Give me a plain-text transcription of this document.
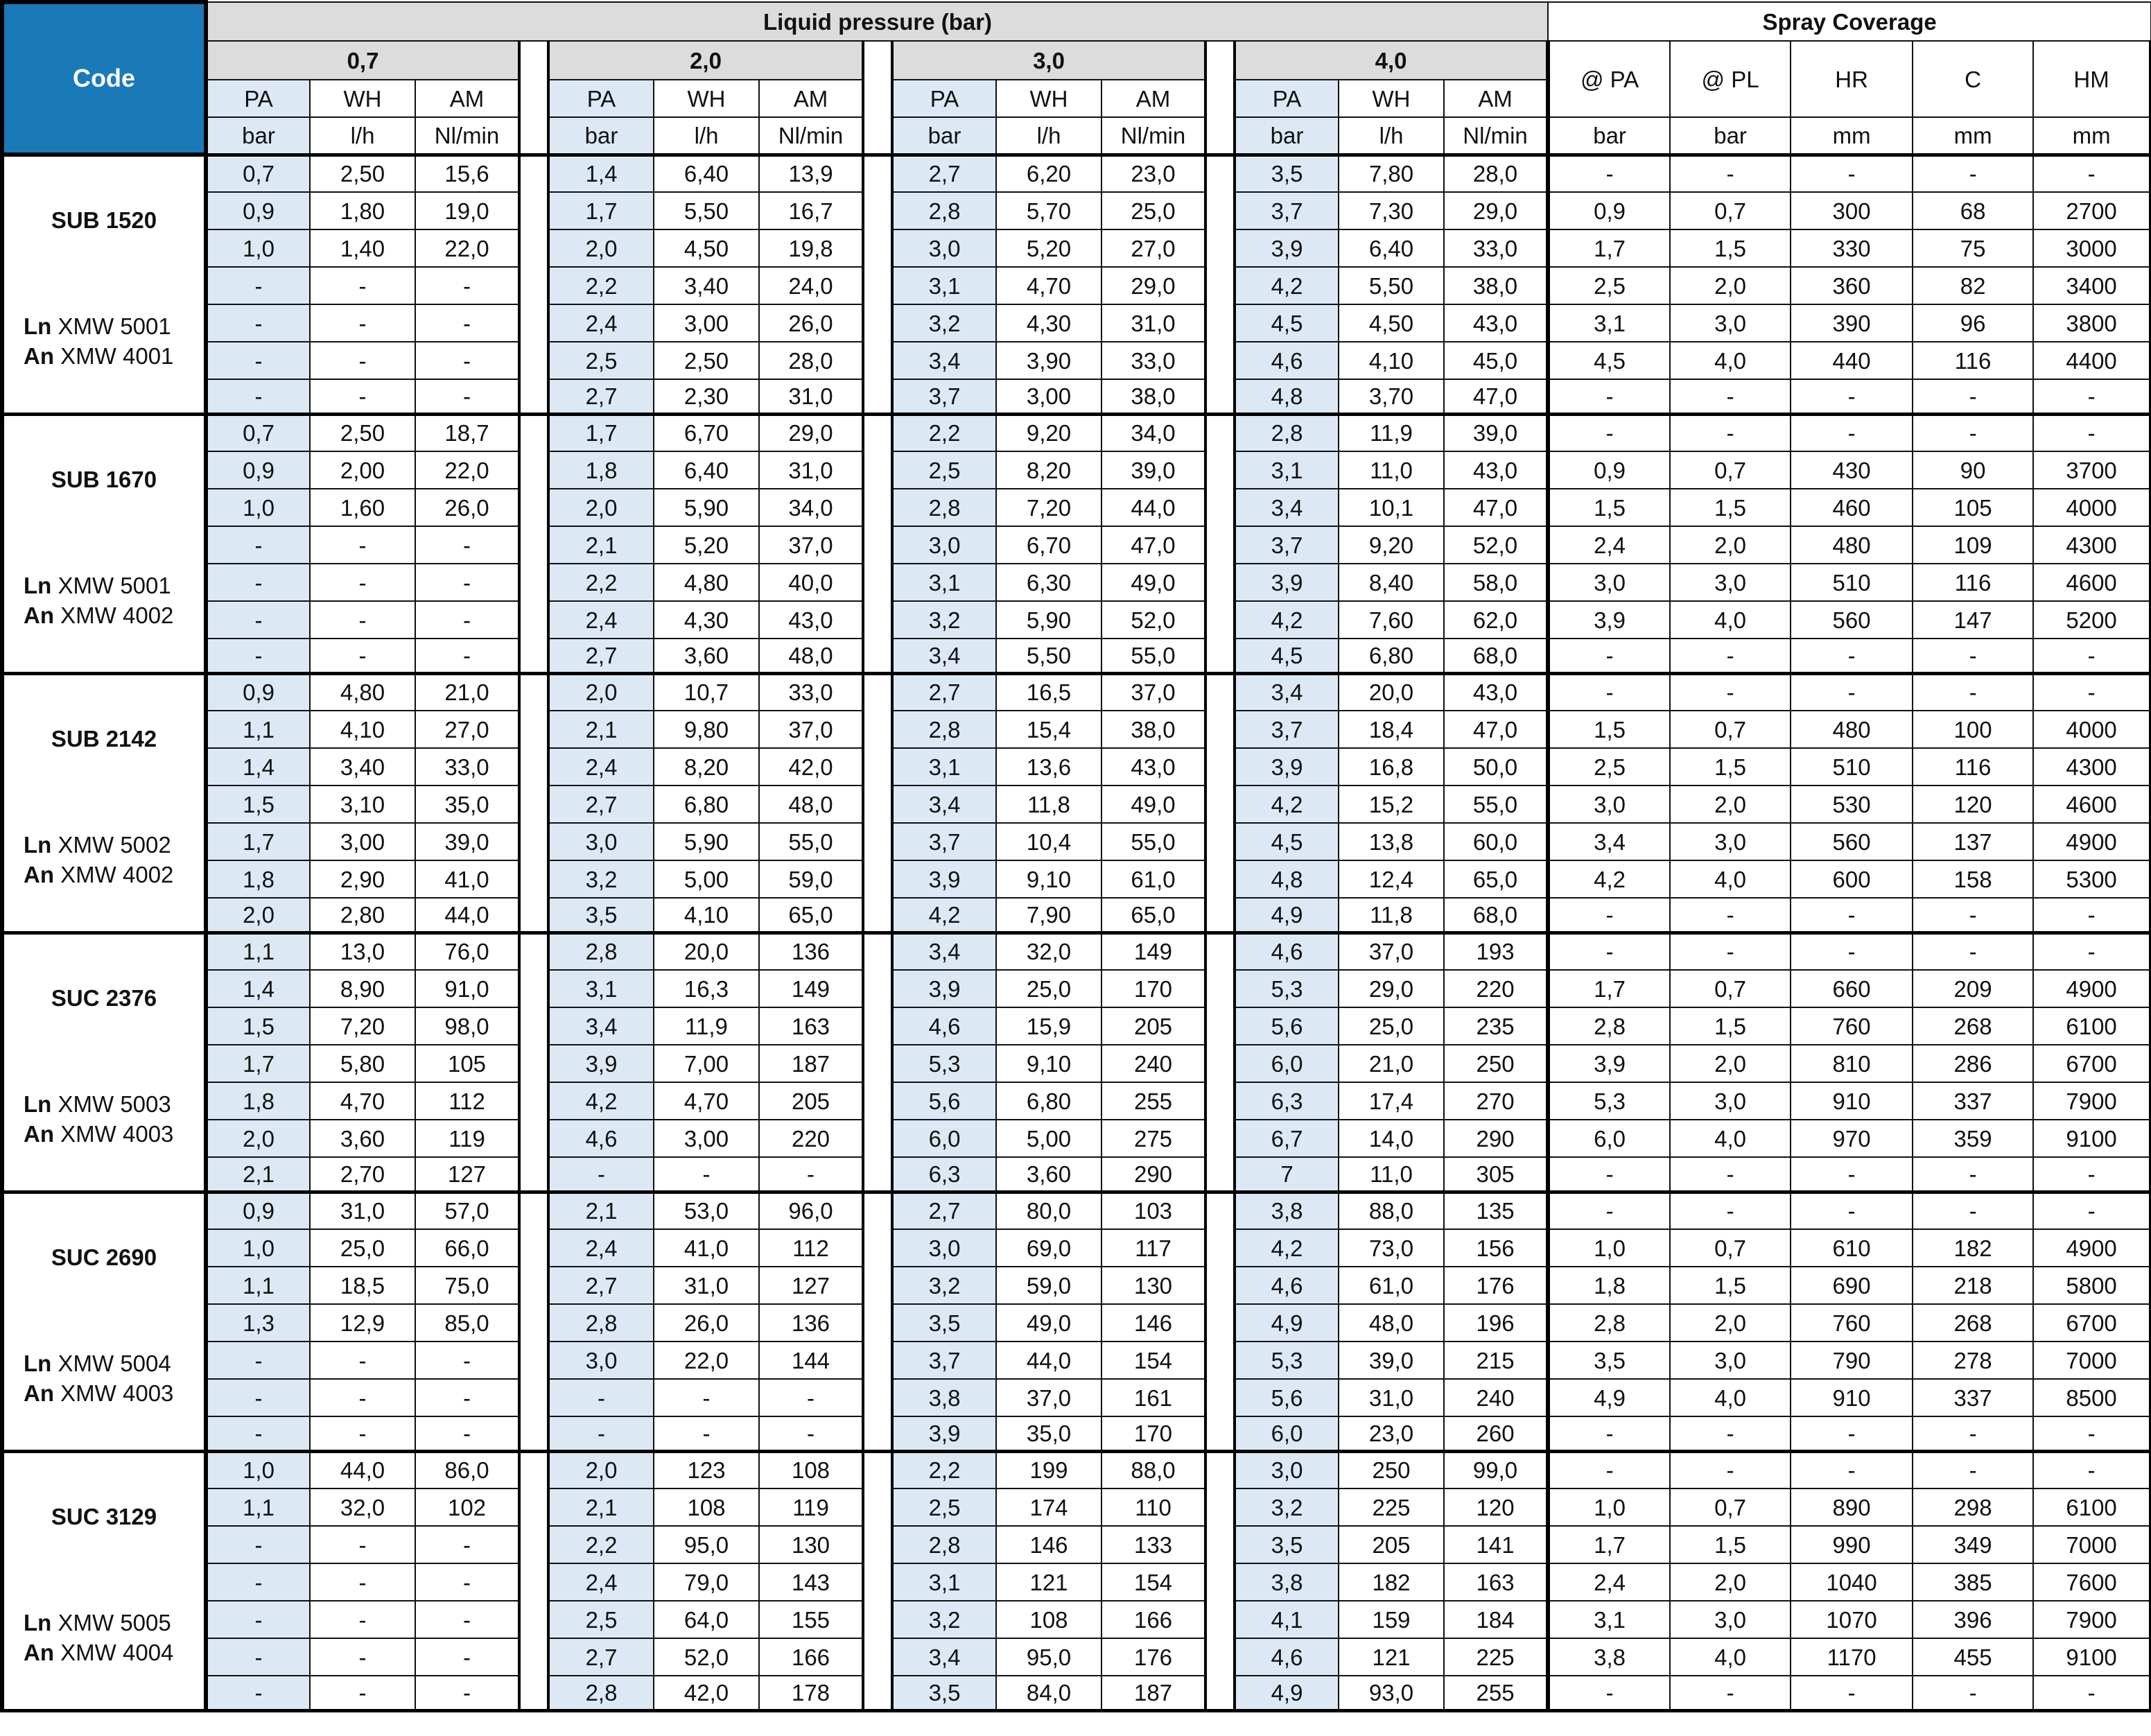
Code	Liquid pressure (bar)															Spray Coverage				
	0,7				2,0				3,0				4,0			@ PA	@ PL	HR	C	HM
	PA	WH	AM		PA	WH	AM		PA	WH	AM		PA	WH	AM					
	bar	l/h	Nl/min		bar	l/h	Nl/min		bar	l/h	Nl/min		bar	l/h	Nl/min	bar	bar	mm	mm	mm

SUB 1520
Ln XMW 5001
An XMW 4001	0,7	2,50	15,6		1,4	6,40	13,9		2,7	6,20	23,0		3,5	7,80	28,0	-	-	-	-	-
	0,9	1,80	19,0		1,7	5,50	16,7		2,8	5,70	25,0		3,7	7,30	29,0	0,9	0,7	300	68	2700
	1,0	1,40	22,0		2,0	4,50	19,8		3,0	5,20	27,0		3,9	6,40	33,0	1,7	1,5	330	75	3000
	-	-	-		2,2	3,40	24,0		3,1	4,70	29,0		4,2	5,50	38,0	2,5	2,0	360	82	3400
	-	-	-		2,4	3,00	26,0		3,2	4,30	31,0		4,5	4,50	43,0	3,1	3,0	390	96	3800
	-	-	-		2,5	2,50	28,0		3,4	3,90	33,0		4,6	4,10	45,0	4,5	4,0	440	116	4400
	-	-	-		2,7	2,30	31,0		3,7	3,00	38,0		4,8	3,70	47,0	-	-	-	-	-

SUB 1670
Ln XMW 5001
An XMW 4002	0,7	2,50	18,7		1,7	6,70	29,0		2,2	9,20	34,0		2,8	11,9	39,0	-	-	-	-	-
	0,9	2,00	22,0		1,8	6,40	31,0		2,5	8,20	39,0		3,1	11,0	43,0	0,9	0,7	430	90	3700
	1,0	1,60	26,0		2,0	5,90	34,0		2,8	7,20	44,0		3,4	10,1	47,0	1,5	1,5	460	105	4000
	-	-	-		2,1	5,20	37,0		3,0	6,70	47,0		3,7	9,20	52,0	2,4	2,0	480	109	4300
	-	-	-		2,2	4,80	40,0		3,1	6,30	49,0		3,9	8,40	58,0	3,0	3,0	510	116	4600
	-	-	-		2,4	4,30	43,0		3,2	5,90	52,0		4,2	7,60	62,0	3,9	4,0	560	147	5200
	-	-	-		2,7	3,60	48,0		3,4	5,50	55,0		4,5	6,80	68,0	-	-	-	-	-

SUB 2142
Ln XMW 5002
An XMW 4002	0,9	4,80	21,0		2,0	10,7	33,0		2,7	16,5	37,0		3,4	20,0	43,0	-	-	-	-	-
	1,1	4,10	27,0		2,1	9,80	37,0		2,8	15,4	38,0		3,7	18,4	47,0	1,5	0,7	480	100	4000
	1,4	3,40	33,0		2,4	8,20	42,0		3,1	13,6	43,0		3,9	16,8	50,0	2,5	1,5	510	116	4300
	1,5	3,10	35,0		2,7	6,80	48,0		3,4	11,8	49,0		4,2	15,2	55,0	3,0	2,0	530	120	4600
	1,7	3,00	39,0		3,0	5,90	55,0		3,7	10,4	55,0		4,5	13,8	60,0	3,4	3,0	560	137	4900
	1,8	2,90	41,0		3,2	5,00	59,0		3,9	9,10	61,0		4,8	12,4	65,0	4,2	4,0	600	158	5300
	2,0	2,80	44,0		3,5	4,10	65,0		4,2	7,90	65,0		4,9	11,8	68,0	-	-	-	-	-

SUC 2376
Ln XMW 5003
An XMW 4003	1,1	13,0	76,0		2,8	20,0	136		3,4	32,0	149		4,6	37,0	193	-	-	-	-	-
	1,4	8,90	91,0		3,1	16,3	149		3,9	25,0	170		5,3	29,0	220	1,7	0,7	660	209	4900
	1,5	7,20	98,0		3,4	11,9	163		4,6	15,9	205		5,6	25,0	235	2,8	1,5	760	268	6100
	1,7	5,80	105		3,9	7,00	187		5,3	9,10	240		6,0	21,0	250	3,9	2,0	810	286	6700
	1,8	4,70	112		4,2	4,70	205		5,6	6,80	255		6,3	17,4	270	5,3	3,0	910	337	7900
	2,0	3,60	119		4,6	3,00	220		6,0	5,00	275		6,7	14,0	290	6,0	4,0	970	359	9100
	2,1	2,70	127		-	-	-		6,3	3,60	290		7	11,0	305	-	-	-	-	-

SUC 2690
Ln XMW 5004
An XMW 4003	0,9	31,0	57,0		2,1	53,0	96,0		2,7	80,0	103		3,8	88,0	135	-	-	-	-	-
	1,0	25,0	66,0		2,4	41,0	112		3,0	69,0	117		4,2	73,0	156	1,0	0,7	610	182	4900
	1,1	18,5	75,0		2,7	31,0	127		3,2	59,0	130		4,6	61,0	176	1,8	1,5	690	218	5800
	1,3	12,9	85,0		2,8	26,0	136		3,5	49,0	146		4,9	48,0	196	2,8	2,0	760	268	6700
	-	-	-		3,0	22,0	144		3,7	44,0	154		5,3	39,0	215	3,5	3,0	790	278	7000
	-	-	-		-	-	-		3,8	37,0	161		5,6	31,0	240	4,9	4,0	910	337	8500
	-	-	-		-	-	-		3,9	35,0	170		6,0	23,0	260	-	-	-	-	-

SUC 3129
Ln XMW 5005
An XMW 4004	1,0	44,0	86,0		2,0	123	108		2,2	199	88,0		3,0	250	99,0	-	-	-	-	-
	1,1	32,0	102		2,1	108	119		2,5	174	110		3,2	225	120	1,0	0,7	890	298	6100
	-	-	-		2,2	95,0	130		2,8	146	133		3,5	205	141	1,7	1,5	990	349	7000
	-	-	-		2,4	79,0	143		3,1	121	154		3,8	182	163	2,4	2,0	1040	385	7600
	-	-	-		2,5	64,0	155		3,2	108	166		4,1	159	184	3,1	3,0	1070	396	7900
	-	-	-		2,7	52,0	166		3,4	95,0	176		4,6	121	225	3,8	4,0	1170	455	9100
	-	-	-		2,8	42,0	178		3,5	84,0	187		4,9	93,0	255	-	-	-	-	-
